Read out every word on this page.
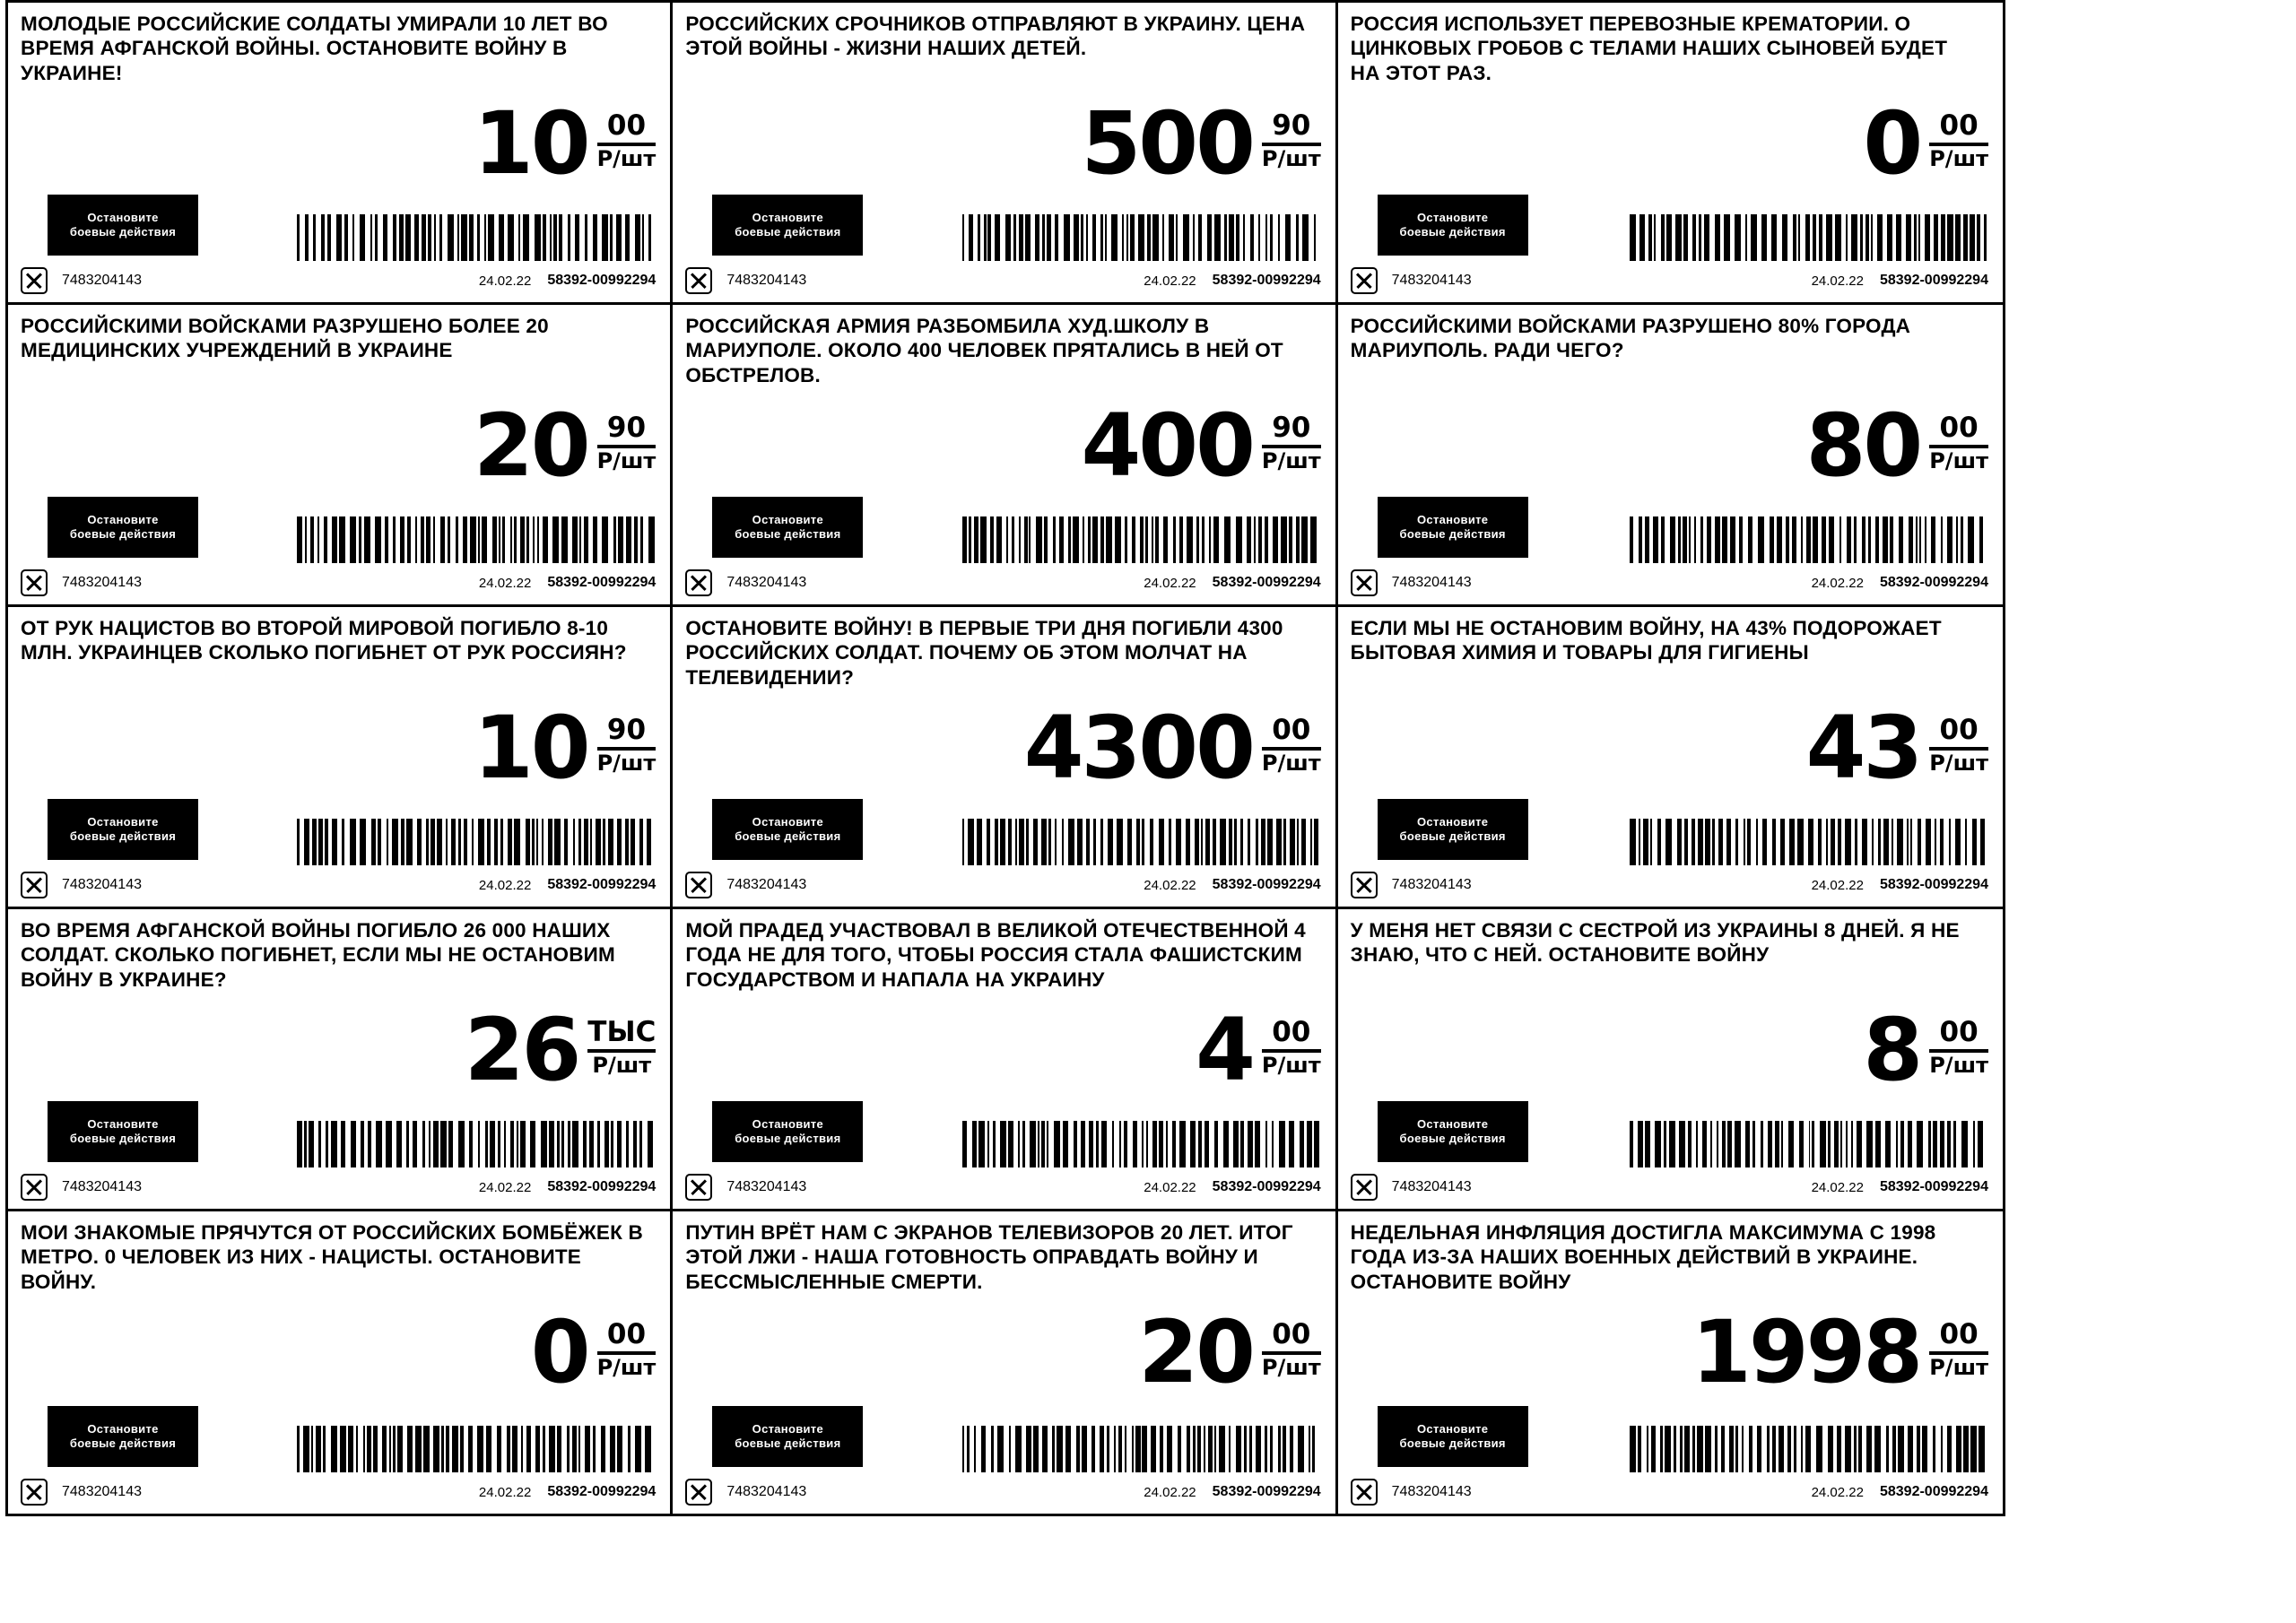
МОЛОДЫЕ РОССИЙСКИЕ СОЛДАТЫ УМИРАЛИ 10 ЛЕТ ВО ВРЕМЯ АФГАНСКОЙ ВОЙНЫ. ОСТАНОВИТЕ ВОЙНУ В УКРАИНЕ!
10 00
Р/шт
Остановите
боевые действия
7483204143	24.02.22 58392-00992294
РОССИЙСКИХ СРОЧНИКОВ ОТПРАВЛЯЮТ В УКРАИНУ. ЦЕНА ЭТОЙ ВОЙНЫ - ЖИЗНИ НАШИХ ДЕТЕЙ.
500 90
Р/шт
Остановите
боевые действия
7483204143	24.02.22 58392-00992294
РОССИЯ ИСПОЛЬЗУЕТ ПЕРЕВОЗНЫЕ КРЕМАТОРИИ. О ЦИНКОВЫХ ГРОБОВ С ТЕЛАМИ НАШИХ СЫНОВЕЙ БУДЕТ НА ЭТОТ РАЗ.
0 00
Р/шт
Остановите
боевые действия
7483204143	24.02.22 58392-00992294
РОССИЙСКИМИ ВОЙСКАМИ РАЗРУШЕНО БОЛЕЕ 20 МЕДИЦИНСКИХ УЧРЕЖДЕНИЙ В УКРАИНЕ
20 90
Р/шт
Остановите
боевые действия
7483204143	24.02.22 58392-00992294
РОССИЙСКАЯ АРМИЯ РАЗБОМБИЛА ХУД.ШКОЛУ В МАРИУПОЛЕ. ОКОЛО 400 ЧЕЛОВЕК ПРЯТАЛИСЬ В НЕЙ ОТ ОБСТРЕЛОВ.
400 90
Р/шт
Остановите
боевые действия
7483204143	24.02.22 58392-00992294
РОССИЙСКИМИ ВОЙСКАМИ РАЗРУШЕНО 80% ГОРОДА МАРИУПОЛЬ. РАДИ ЧЕГО?
80 00
Р/шт
Остановите
боевые действия
7483204143	24.02.22 58392-00992294
ОТ РУК НАЦИСТОВ ВО ВТОРОЙ МИРОВОЙ ПОГИБЛО 8-10 МЛН. УКРАИНЦЕВ СКОЛЬКО ПОГИБНЕТ ОТ РУК РОССИЯН?
10 90
Р/шт
Остановите
боевые действия
7483204143	24.02.22 58392-00992294
ОСТАНОВИТЕ ВОЙНУ! В ПЕРВЫЕ ТРИ ДНЯ ПОГИБЛИ 4300 РОССИЙСКИХ СОЛДАТ. ПОЧЕМУ ОБ ЭТОМ МОЛЧАТ НА ТЕЛЕВИДЕНИИ?
4300 00
Р/шт
Остановите
боевые действия
7483204143	24.02.22 58392-00992294
ЕСЛИ МЫ НЕ ОСТАНОВИМ ВОЙНУ, НА 43% ПОДОРОЖАЕТ БЫТОВАЯ ХИМИЯ И ТОВАРЫ ДЛЯ ГИГИЕНЫ
43 00
Р/шт
Остановите
боевые действия
7483204143	24.02.22 58392-00992294
ВО ВРЕМЯ АФГАНСКОЙ ВОЙНЫ ПОГИБЛО 26 000 НАШИХ СОЛДАТ. СКОЛЬКО ПОГИБНЕТ, ЕСЛИ МЫ НЕ ОСТАНОВИМ ВОЙНУ В УКРАИНЕ?
26 ТЫС
Р/шт
Остановите
боевые действия
7483204143	24.02.22 58392-00992294
МОЙ ПРАДЕД УЧАСТВОВАЛ В ВЕЛИКОЙ ОТЕЧЕСТВЕННОЙ 4 ГОДА НЕ ДЛЯ ТОГО, ЧТОБЫ РОССИЯ СТАЛА ФАШИСТСКИМ ГОСУДАРСТВОМ И НАПАЛА НА УКРАИНУ
4 00
Р/шт
Остановите
боевые действия
7483204143	24.02.22 58392-00992294
У МЕНЯ НЕТ СВЯЗИ С СЕСТРОЙ ИЗ УКРАИНЫ 8 ДНЕЙ. Я НЕ ЗНАЮ, ЧТО С НЕЙ. ОСТАНОВИТЕ ВОЙНУ
8 00
Р/шт
Остановите
боевые действия
7483204143	24.02.22 58392-00992294
МОИ ЗНАКОМЫЕ ПРЯЧУТСЯ ОТ РОССИЙСКИХ БОМБЁЖЕК В МЕТРО. 0 ЧЕЛОВЕК ИЗ НИХ - НАЦИСТЫ. ОСТАНОВИТЕ ВОЙНУ.
0 00
Р/шт
Остановите
боевые действия
7483204143	24.02.22 58392-00992294
ПУТИН ВРЁТ НАМ С ЭКРАНОВ ТЕЛЕВИЗОРОВ 20 ЛЕТ. ИТОГ ЭТОЙ ЛЖИ - НАША ГОТОВНОСТЬ ОПРАВДАТЬ ВОЙНУ И БЕССМЫСЛЕННЫЕ СМЕРТИ.
20 00
Р/шт
Остановите
боевые действия
7483204143	24.02.22 58392-00992294
НЕДЕЛЬНАЯ ИНФЛЯЦИЯ ДОСТИГЛА МАКСИМУМА С 1998 ГОДА ИЗ-ЗА НАШИХ ВОЕННЫХ ДЕЙСТВИЙ В УКРАИНЕ. ОСТАНОВИТЕ ВОЙНУ
1998 00
Р/шт
Остановите
боевые действия
7483204143	24.02.22 58392-00992294
